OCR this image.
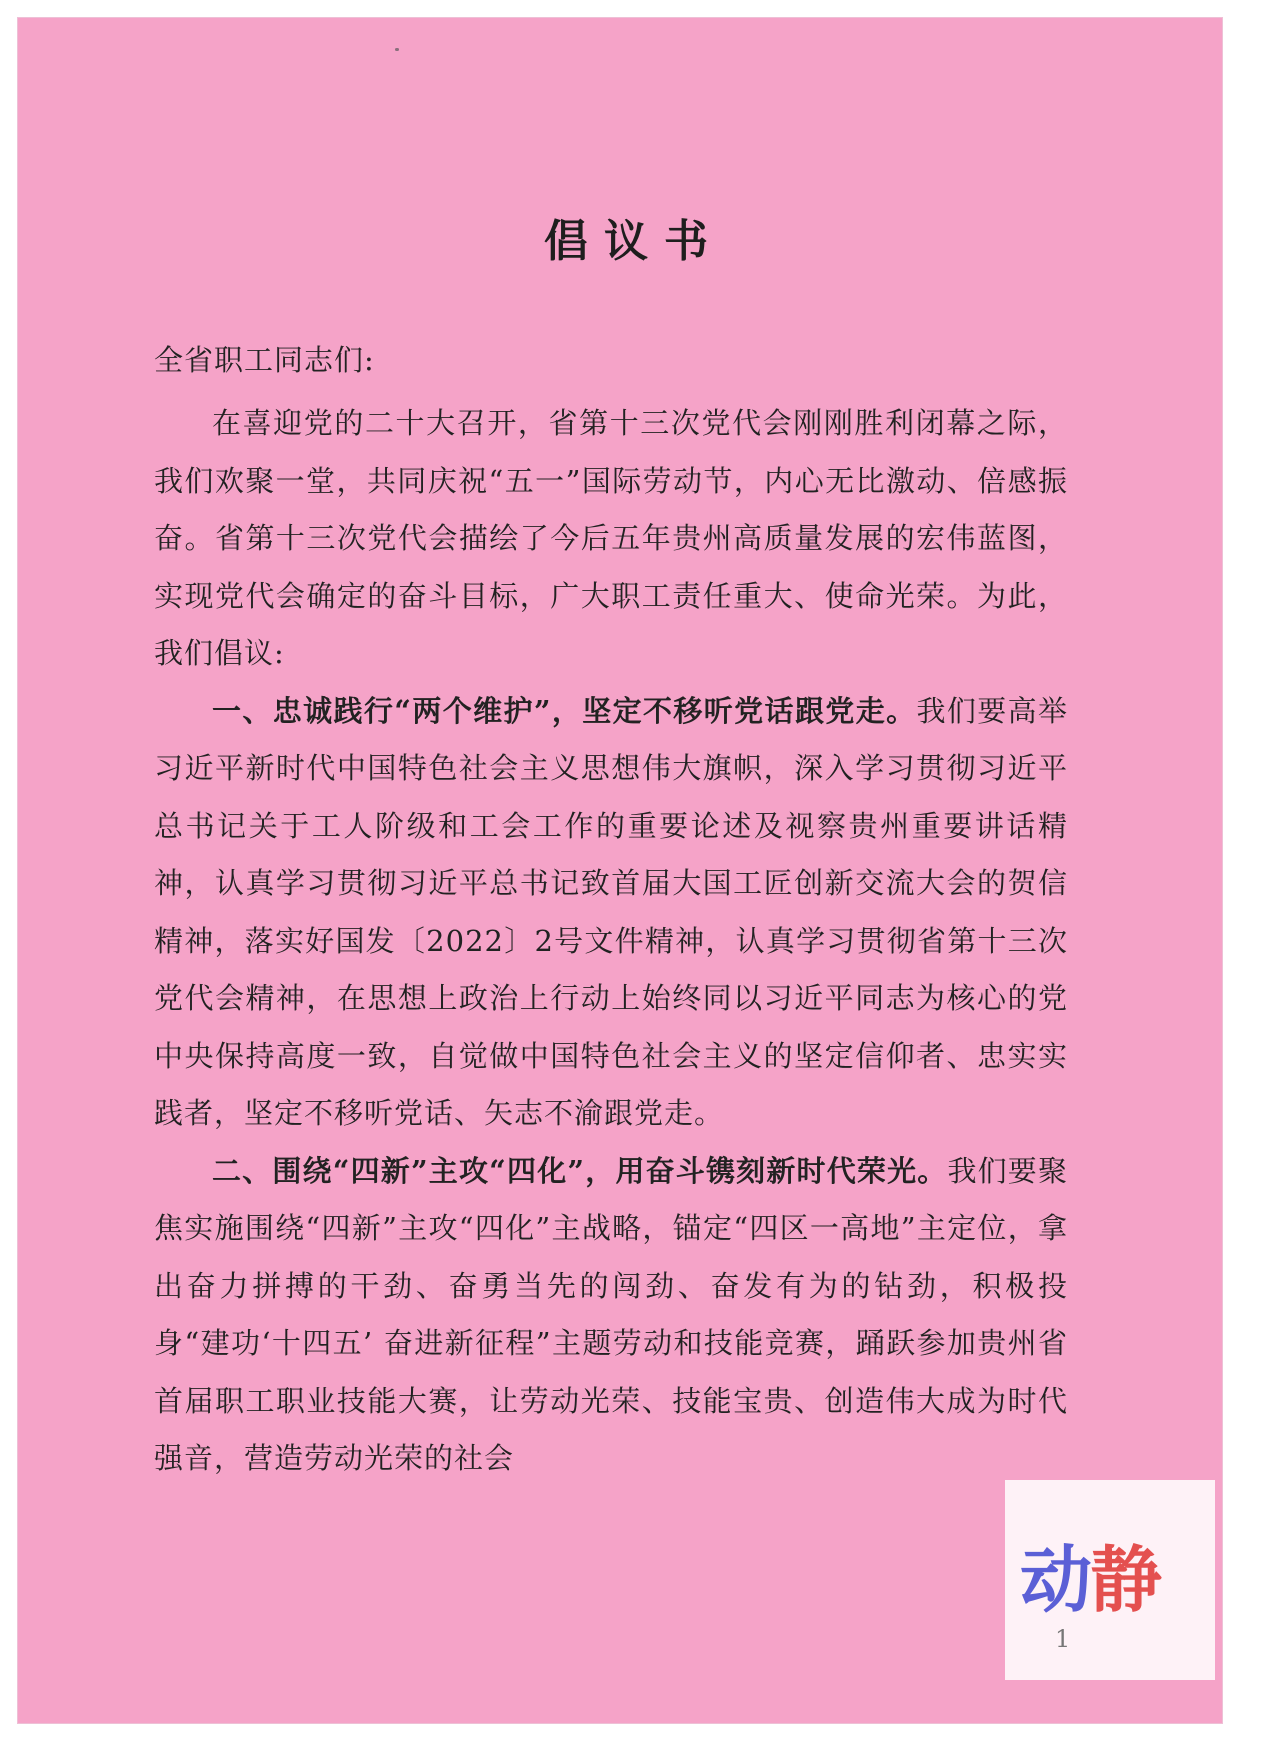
倡议书
全省职工同志们:

在喜迎党的二十大召开，省第十三次党代会刚刚胜利闭幕之际，我们欢聚一堂，共同庆祝“五一”国际劳动节，内心无比激动、倍感振奋。省第十三次党代会描绘了今后五年贵州高质量发展的宏伟蓝图，实现党代会确定的奋斗目标，广大职工责任重大、使命光荣。为此，我们倡议:

一、忠诚践行“两个维护”，坚定不移听党话跟党走。我们要高举习近平新时代中国特色社会主义思想伟大旗帜，深入学习贯彻习近平总书记关于工人阶级和工会工作的重要论述及视察贵州重要讲话精神，认真学习贯彻习近平总书记致首届大国工匠创新交流大会的贺信精神，落实好国发〔2022〕2号文件精神，认真学习贯彻省第十三次党代会精神，在思想上政治上行动上始终同以习近平同志为核心的党中央保持高度一致，自觉做中国特色社会主义的坚定信仰者、忠实实践者，坚定不移听党话、矢志不渝跟党走。

二、围绕“四新”主攻“四化”，用奋斗镌刻新时代荣光。我们要聚焦实施围绕“四新”主攻“四化”主战略，锚定“四区一高地”主定位，拿出奋力拼搏的干劲、奋勇当先的闯劲、奋发有为的钻劲，积极投身“建功‘十四五’ 奋进新征程”主题劳动和技能竞赛，踊跃参加贵州省首届职工职业技能大赛，让劳动光荣、技能宝贵、创造伟大成为时代强音，营造劳动光荣的社会

动静
1
